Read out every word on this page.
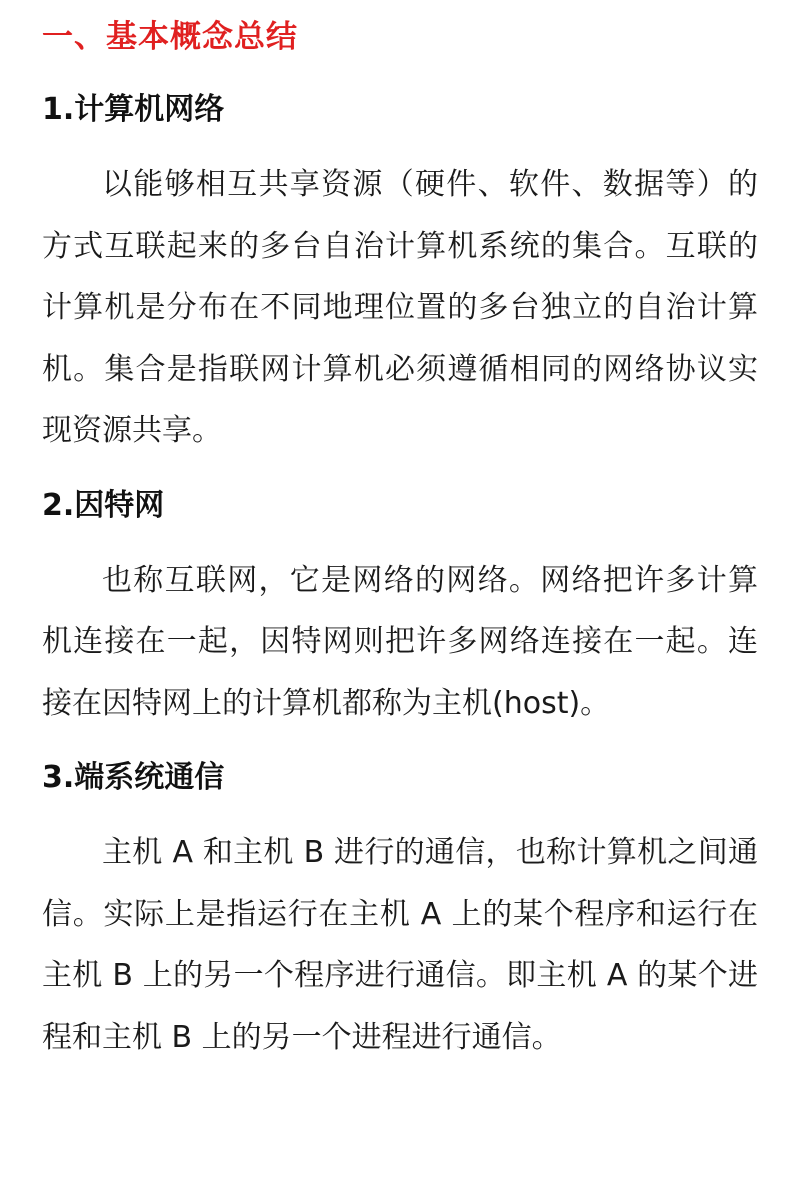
一、基本概念总结
1.计算机网络

以能够相互共享资源（硬件、软件、数据等）的方式互联起来的多台自治计算机系统的集合。互联的计算机是分布在不同地理位置的多台独立的自治计算机。集合是指联网计算机必须遵循相同的网络协议实现资源共享。

2.因特网

也称互联网，它是网络的网络。网络把许多计算机连接在一起，因特网则把许多网络连接在一起。连接在因特网上的计算机都称为主机(host)。

3.端系统通信

主机 A 和主机 B 进行的通信，也称计算机之间通信。实际上是指运行在主机 A 上的某个程序和运行在主机 B 上的另一个程序进行通信。即主机 A 的某个进程和主机 B 上的另一个进程进行通信。
